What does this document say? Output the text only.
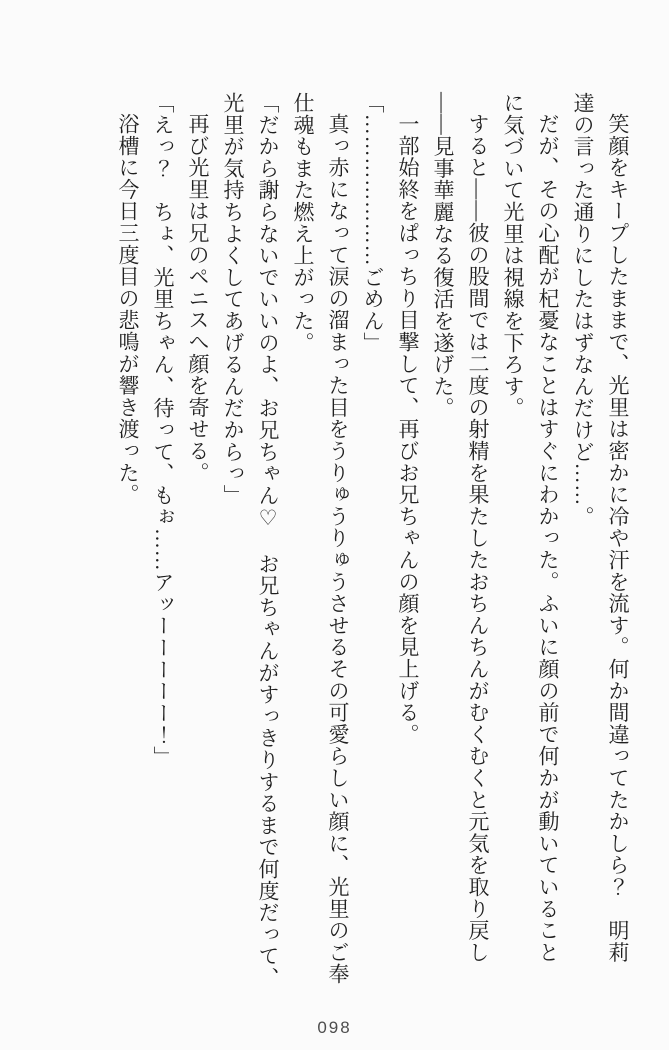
笑顔をキープしたままで、光里は密かに冷や汗を流す。何か間違ってたかしら？　明莉
達の言った通りにしたはずなんだけど……。

だが、その心配が杞憂なことはすぐにわかった。ふいに顔の前で何かが動いていること
に気づいて光里は視線を下ろす。

すると――彼の股間では二度の射精を果たしたおちんちんがむくむくと元気を取り戻し
――見事華麗なる復活を遂げた。

一部始終をぱっちり目撃して、再びお兄ちゃんの顔を見上げる。

「…………………ごめん」

真っ赤になって涙の溜まった目をうりゅうりゅうさせるその可愛らしい顔に、光里のご奉
仕魂もまた燃え上がった。

「だから謝らないでいいのよ、お兄ちゃん♡　お兄ちゃんがすっきりするまで何度だって、
光里が気持ちよくしてあげるんだからっ」

再び光里は兄のペニスへ顔を寄せる。

「えっ？　ちょ、光里ちゃん、待って、もぉ……アッーーーーー！」

浴槽に今日三度目の悲鳴が響き渡った。

098
